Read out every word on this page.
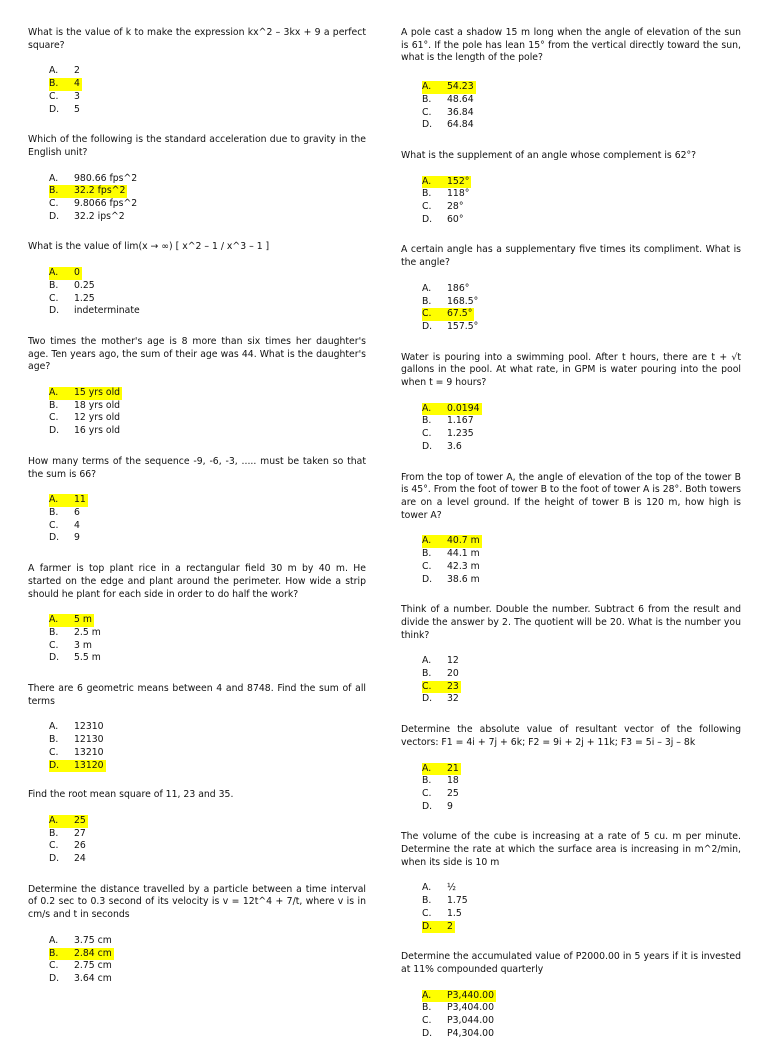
What is the value of k to make the expression kx^2 – 3kx + 9 a perfect square?

A. 2
B. 4
C. 3
D. 5

Which of the following is the standard acceleration due to gravity in the English unit?

A. 980.66 fps^2
B. 32.2 fps^2
C. 9.8066 fps^2
D. 32.2 ips^2

What is the value of lim(x → ∞) [ x^2 – 1 / x^3 – 1 ]

A. 0
B. 0.25
C. 1.25
D. indeterminate

Two times the mother's age is 8 more than six times her daughter's age. Ten years ago, the sum of their age was 44. What is the daughter's age?

A. 15 yrs old
B. 18 yrs old
C. 12 yrs old
D. 16 yrs old

How many terms of the sequence -9, -6, -3, ..... must be taken so that the sum is 66?

A. 11
B. 6
C. 4
D. 9

A farmer is top plant rice in a rectangular field 30 m by 40 m. He started on the edge and plant around the perimeter. How wide a strip should he plant for each side in order to do half the work?

A. 5 m
B. 2.5 m
C. 3 m
D. 5.5 m

There are 6 geometric means between 4 and 8748. Find the sum of all terms

A. 12310
B. 12130
C. 13210
D. 13120

Find the root mean square of 11, 23 and 35.

A. 25
B. 27
C. 26
D. 24

Determine the distance travelled by a particle between a time interval of 0.2 sec to 0.3 second of its velocity is v = 12t^4 + 7/t, where v is in cm/s and t in seconds

A. 3.75 cm
B. 2.84 cm
C. 2.75 cm
D. 3.64 cm

A pole cast a shadow 15 m long when the angle of elevation of the sun is 61°. If the pole has lean 15° from the vertical directly toward the sun, what is the length of the pole?

A. 54.23
B. 48.64
C. 36.84
D. 64.84

What is the supplement of an angle whose complement is 62°?

A. 152°
B. 118°
C. 28°
D. 60°

A certain angle has a supplementary five times its compliment. What is the angle?

A. 186°
B. 168.5°
C. 67.5°
D. 157.5°

Water is pouring into a swimming pool. After t hours, there are t + √t gallons in the pool. At what rate, in GPM is water pouring into the pool when t = 9 hours?

A. 0.0194
B. 1.167
C. 1.235
D. 3.6

From the top of tower A, the angle of elevation of the top of the tower B is 45°. From the foot of tower B to the foot of tower A is 28°. Both towers are on a level ground. If the height of tower B is 120 m, how high is tower A?

A. 40.7 m
B. 44.1 m
C. 42.3 m
D. 38.6 m

Think of a number. Double the number. Subtract 6 from the result and divide the answer by 2. The quotient will be 20. What is the number you think?

A. 12
B. 20
C. 23
D. 32

Determine the absolute value of resultant vector of the following vectors: F1 = 4i + 7j + 6k; F2 = 9i + 2j + 11k; F3 = 5i – 3j – 8k

A. 21
B. 18
C. 25
D. 9

The volume of the cube is increasing at a rate of 5 cu. m per minute. Determine the rate at which the surface area is increasing in m^2/min, when its side is 10 m

A. ½
B. 1.75
C. 1.5
D. 2

Determine the accumulated value of P2000.00 in 5 years if it is invested at 11% compounded quarterly

A. P3,440.00
B. P3,404.00
C. P3,044.00
D. P4,304.00
